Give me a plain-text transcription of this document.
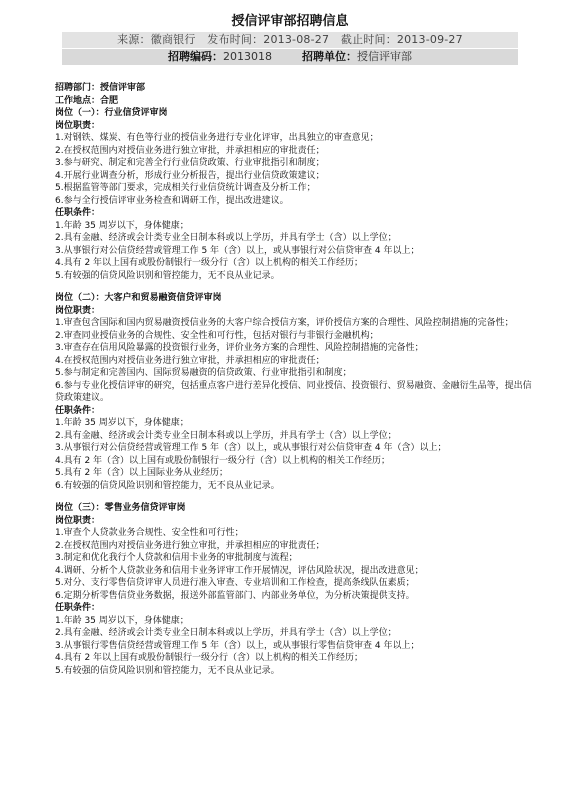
授信评审部招聘信息
来源：徽商银行 发布时间：2013-08-27 截止时间：2013-09-27
招聘编码：2013018	招聘单位：授信评审部
招聘部门：授信评审部
工作地点：合肥
岗位（一）：行业信贷评审岗
岗位职责：
1.对钢铁、煤炭、有色等行业的授信业务进行专业化评审，出具独立的审查意见；
2.在授权范围内对授信业务进行独立审批，并承担相应的审批责任；
3.参与研究、制定和完善全行行业信贷政策、行业审批指引和制度；
4.开展行业调查分析，形成行业分析报告，提出行业信贷政策建议；
5.根据监管等部门要求，完成相关行业信贷统计调查及分析工作；
6.参与全行授信评审业务检查和调研工作，提出改进建议。
任职条件：
1.年龄 35 周岁以下，身体健康；
2.具有金融、经济或会计类专业全日制本科或以上学历，并具有学士（含）以上学位；
3.从事银行对公信贷经营或管理工作 5 年（含）以上，或从事银行对公信贷审查 4 年以上；
4.具有 2 年以上国有或股份制银行一级分行（含）以上机构的相关工作经历；
5.有较强的信贷风险识别和管控能力，无不良从业记录。
岗位（二）：大客户和贸易融资信贷评审岗
岗位职责：
1.审查包含国际和国内贸易融资授信业务的大客户综合授信方案，评价授信方案的合理性、风险控制措施的完备性；
2.审查同业授信业务的合规性、安全性和可行性，包括对银行与非银行金融机构；
3.审查存在信用风险暴露的投资银行业务，评价业务方案的合理性、风险控制措施的完备性；
4.在授权范围内对授信业务进行独立审批，并承担相应的审批责任；
5.参与制定和完善国内、国际贸易融资的信贷政策、行业审批指引和制度；
6.参与专业化授信评审的研究，包括重点客户进行差异化授信、同业授信、投资银行、贸易融资、金融衍生品等，提出信贷政策建议。
任职条件：
1.年龄 35 周岁以下，身体健康；
2.具有金融、经济或会计类专业全日制本科或以上学历，并具有学士（含）以上学位；
3.从事银行对公信贷经营或管理工作 5 年（含）以上，或从事银行对公信贷审查 4 年（含）以上；
4.具有 2 年（含）以上国有或股份制银行一级分行（含）以上机构的相关工作经历；
5.具有 2 年（含）以上国际业务从业经历；
6.有较强的信贷风险识别和管控能力，无不良从业记录。
岗位（三）：零售业务信贷评审岗
岗位职责：
1.审查个人贷款业务合规性、安全性和可行性；
2.在授权范围内对授信业务进行独立审批，并承担相应的审批责任；
3.制定和优化我行个人贷款和信用卡业务的审批制度与流程；
4.调研、分析个人贷款业务和信用卡业务评审工作开展情况，评估风险状况，提出改进意见；
5.对分、支行零售信贷评审人员进行准入审查、专业培训和工作检查，提高条线队伍素质；
6.定期分析零售信贷业务数据，报送外部监管部门、内部业务单位，为分析决策提供支持。
任职条件：
1.年龄 35 周岁以下，身体健康；
2.具有金融、经济或会计类专业全日制本科或以上学历，并具有学士（含）以上学位；
3.从事银行零售信贷经营或管理工作 5 年（含）以上，或从事银行零售信贷审查 4 年以上；
4.具有 2 年以上国有或股份制银行一级分行（含）以上机构的相关工作经历；
5.有较强的信贷风险识别和管控能力，无不良从业记录。
